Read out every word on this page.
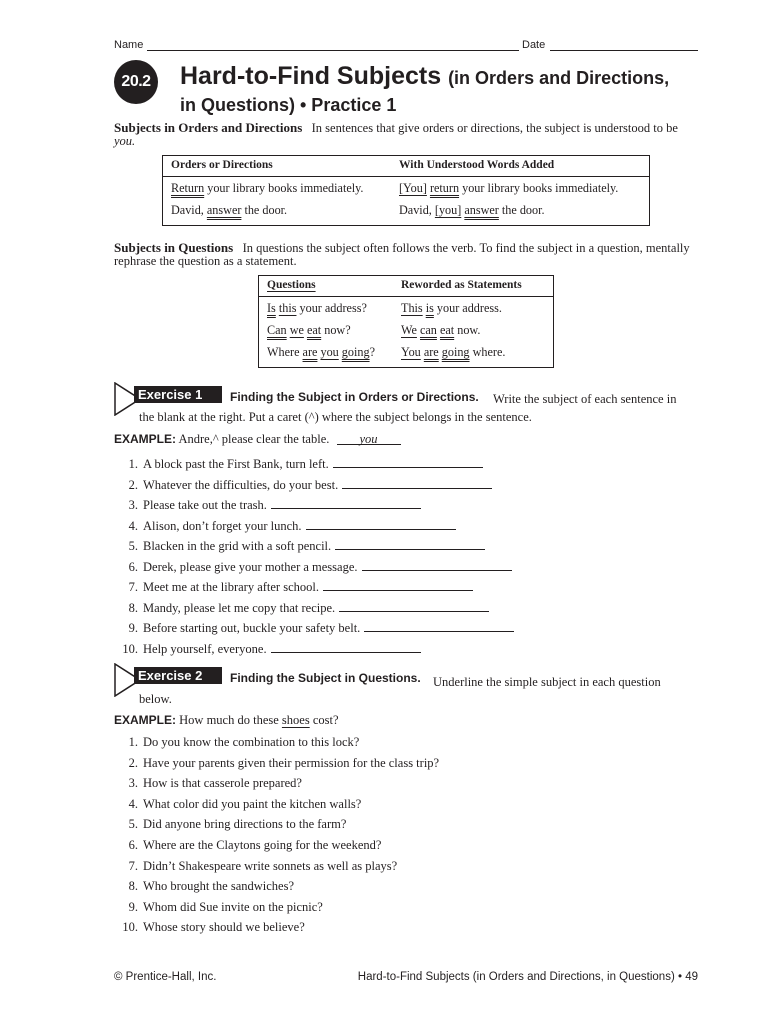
Name	Date
20.2 Hard-to-Find Subjects (in Orders and Directions,
in Questions) • Practice 1
Subjects in Orders and Directions In sentences that give orders or directions, the subject is understood to be you.
Orders or Directions	With Understood Words Added
Return your library books immediately.	[You] return your library books immediately.
David, answer the door.	David, [you] answer the door.
Subjects in Questions In questions the subject often follows the verb. To find the subject in a question, mentally rephrase the question as a statement.
Questions	Reworded as Statements
Is this your address?	This is your address.
Can we eat now?	We can eat now.
Where are you going?	You are going where.
Exercise 1	Finding the Subject in Orders or Directions. Write the subject of each sentence in
the blank at the right. Put a caret (^) where the subject belongs in the sentence.
EXAMPLE: Andre,^ please clear the table. you
1. A block past the First Bank, turn left.
2. Whatever the difficulties, do your best.
3. Please take out the trash.
4. Alison, don’t forget your lunch.
5. Blacken in the grid with a soft pencil.
6. Derek, please give your mother a message.
7. Meet me at the library after school.
8. Mandy, please let me copy that recipe.
9. Before starting out, buckle your safety belt.
10. Help yourself, everyone.
Exercise 2	Finding the Subject in Questions. Underline the simple subject in each question
below.
EXAMPLE: How much do these shoes cost?
1. Do you know the combination to this lock?
2. Have your parents given their permission for the class trip?
3. How is that casserole prepared?
4. What color did you paint the kitchen walls?
5. Did anyone bring directions to the farm?
6. Where are the Claytons going for the weekend?
7. Didn’t Shakespeare write sonnets as well as plays?
8. Who brought the sandwiches?
9. Whom did Sue invite on the picnic?
10. Whose story should we believe?
© Prentice-Hall, Inc.	Hard-to-Find Subjects (in Orders and Directions, in Questions) • 49
